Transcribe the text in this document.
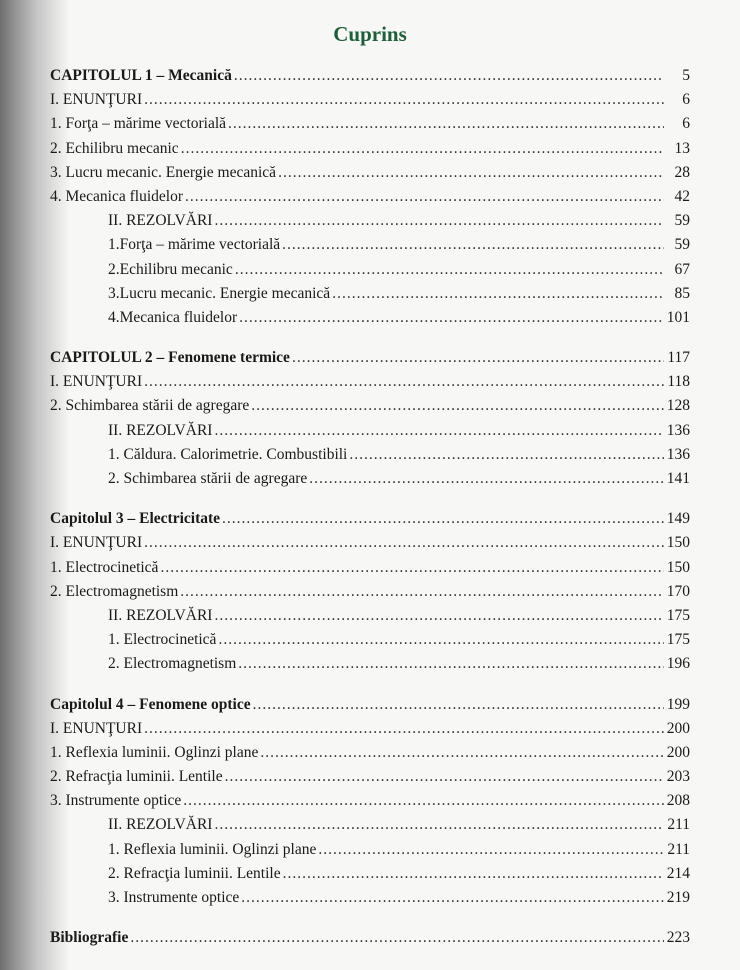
Cuprins
CAPITOLUL 1 – Mecanică .....	5
I. ENUNŢURI .....	6
1. Forţa – mărime vectorială .....	6
2. Echilibru mecanic .....	13
3. Lucru mecanic. Energie mecanică .....	28
4. Mecanica fluidelor .....	42
II. REZOLVĂRI .....	59
1.Forţa – mărime vectorială .....	59
2.Echilibru mecanic .....	67
3.Lucru mecanic. Energie mecanică .....	85
4.Mecanica fluidelor .....	101
CAPITOLUL 2 – Fenomene termice .....	117
I. ENUNŢURI .....	118
2. Schimbarea stării de agregare .....	128
II. REZOLVĂRI .....	136
1. Căldura. Calorimetrie. Combustibili .....	136
2. Schimbarea stării de agregare .....	141
Capitolul 3 – Electricitate .....	149
I. ENUNŢURI .....	150
1. Electrocinetică .....	150
2. Electromagnetism .....	170
II. REZOLVĂRI .....	175
1. Electrocinetică .....	175
2. Electromagnetism .....	196
Capitolul 4 – Fenomene optice .....	199
I. ENUNŢURI .....	200
1. Reflexia luminii. Oglinzi plane .....	200
2. Refracţia luminii. Lentile .....	203
3. Instrumente optice .....	208
II. REZOLVĂRI .....	211
1. Reflexia luminii. Oglinzi plane .....	211
2. Refracţia luminii. Lentile .....	214
3. Instrumente optice .....	219
Bibliografie .....	223
